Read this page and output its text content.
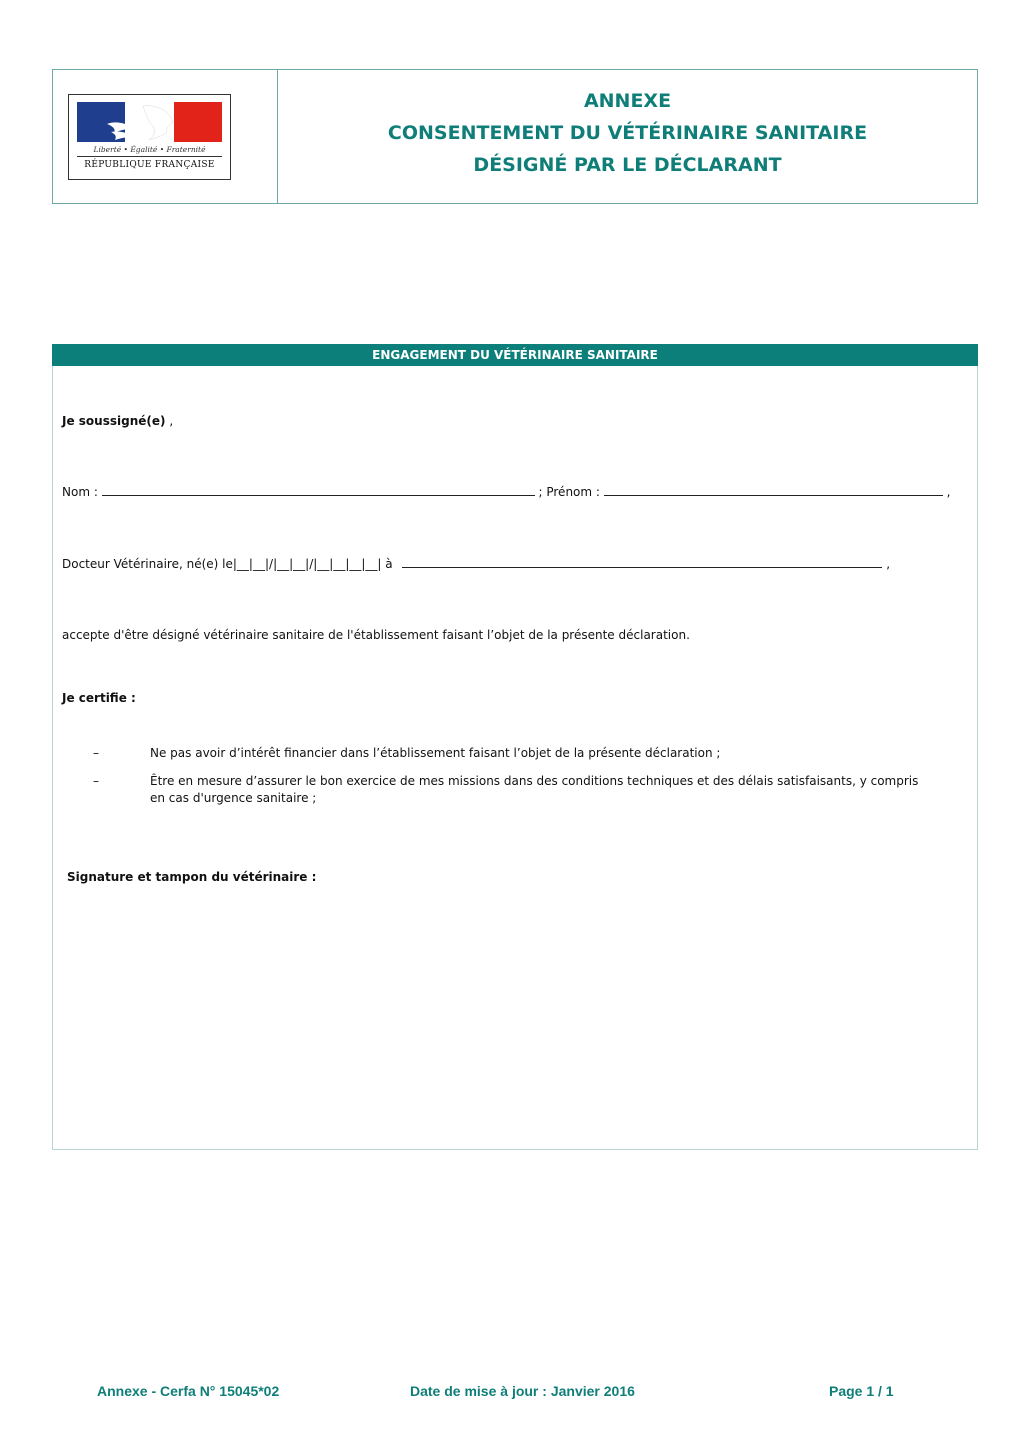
Liberté • Égalité • Fraternité
RÉPUBLIQUE FRANÇAISE
ANNEXE
CONSENTEMENT DU VÉTÉRINAIRE SANITAIRE
DÉSIGNÉ PAR LE DÉCLARANT
ENGAGEMENT DU VÉTÉRINAIRE SANITAIRE
Je soussigné(e) ,
Nom :	; Prénom :	,
Docteur Vétérinaire, né(e) le|__|__|/|__|__|/|__|__|__|__| à	,
accepte d'être désigné vétérinaire sanitaire de l'établissement faisant l’objet de la présente déclaration.
Je certifie :
–	Ne pas avoir d’intérêt financier dans l’établissement faisant l’objet de la présente déclaration ;
–	Être en mesure d’assurer le bon exercice de mes missions dans des conditions techniques et des délais satisfaisants, y compris en cas d'urgence sanitaire ;
Signature et tampon du vétérinaire :
Annexe - Cerfa N° 15045*02	Date de mise à jour : Janvier 2016	Page 1 / 1
